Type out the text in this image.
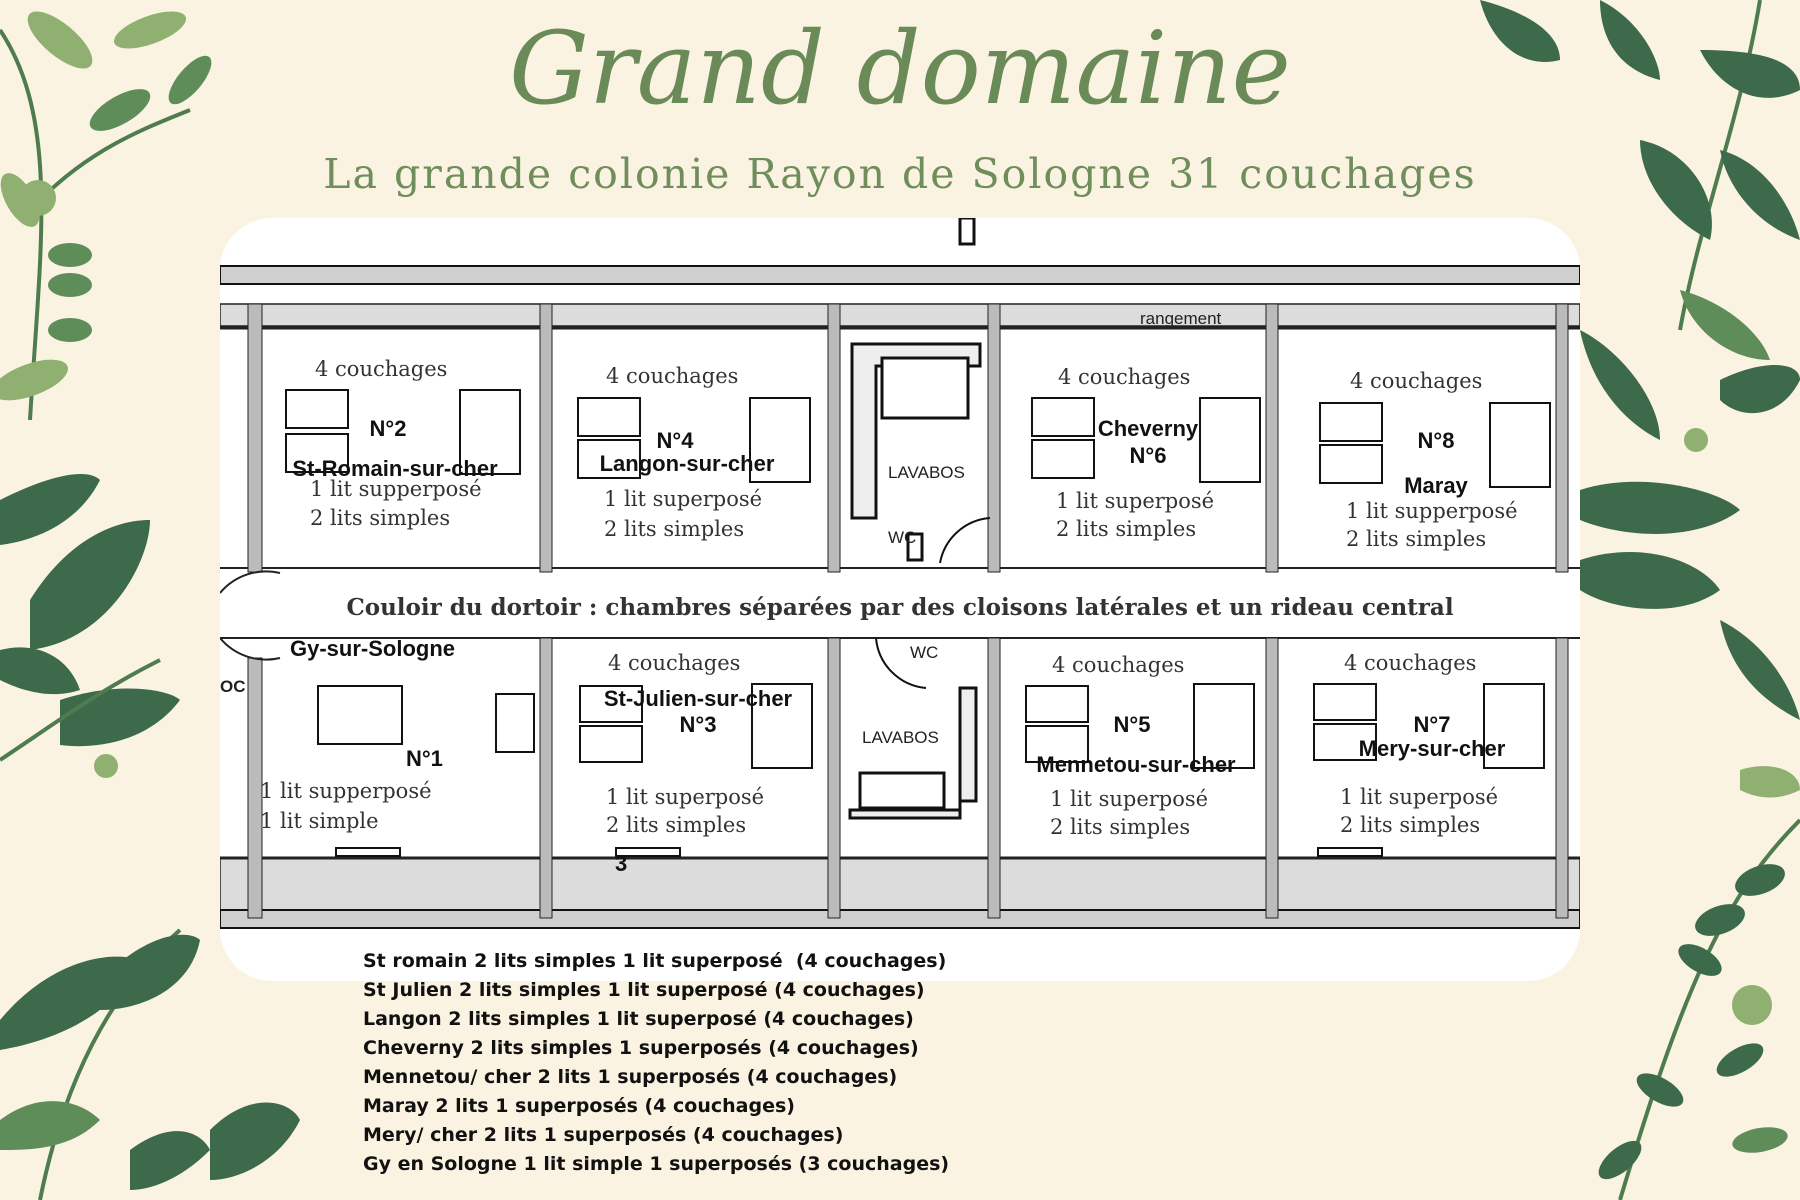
Grand domaine
La grande colonie Rayon de Sologne 31 couchages
rangement
Couloir du dortoir : chambres séparées par des cloisons latérales et un rideau central
LAVABOS
WC
LAVABOS
WC
OC
3
4 couchages
N°2
St-Romain-sur-cher
1 lit supperposé
2 lits simples
4 couchages
N°4
Langon-sur-cher
1 lit superposé
2 lits simples
4 couchages
Cheverny
N°6
1 lit superposé
2 lits simples
4 couchages
N°8
Maray
1 lit supperposé
2 lits simples
Gy-sur-Sologne
N°1
1 lit supperposé
1 lit simple
4 couchages
St-Julien-sur-cher
N°3
1 lit superposé
2 lits simples
4 couchages
N°5
Mennetou-sur-cher
1 lit superposé
2 lits simples
4 couchages
N°7
Mery-sur-cher
1 lit superposé
2 lits simples
St romain 2 lits simples 1 lit superposé  (4 couchages)
St Julien 2 lits simples 1 lit superposé (4 couchages)
Langon 2 lits simples 1 lit superposé (4 couchages)
Cheverny 2 lits simples 1 superposés (4 couchages)
Mennetou/ cher 2 lits 1 superposés (4 couchages)
Maray 2 lits 1 superposés (4 couchages)
Mery/ cher 2 lits 1 superposés (4 couchages)
Gy en Sologne 1 lit simple 1 superposés (3 couchages)
